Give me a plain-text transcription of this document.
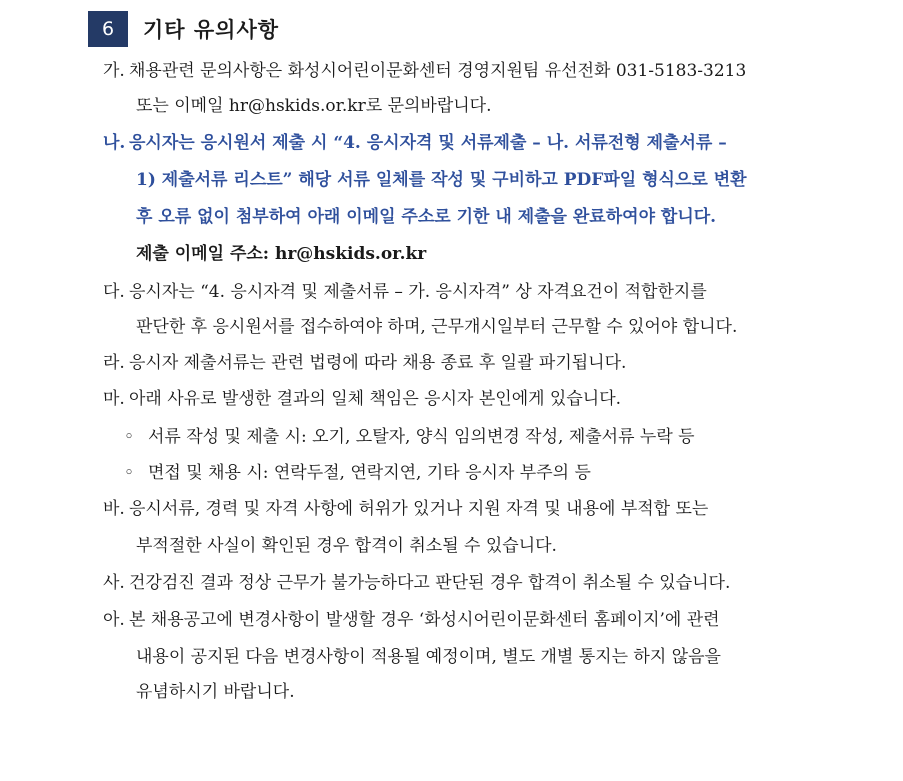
6	기타 유의사항
가. 채용관련 문의사항은 화성시어린이문화센터 경영지원팀 유선전화 031-5183-3213
또는 이메일 hr@hskids.or.kr로 문의바랍니다.
나. 응시자는 응시원서 제출 시 “4. 응시자격 및 서류제출 – 나. 서류전형 제출서류 –
1) 제출서류 리스트” 해당 서류 일체를 작성 및 구비하고 PDF파일 형식으로 변환
후 오류 없이 첨부하여 아래 이메일 주소로 기한 내 제출을 완료하여야 합니다.
제출 이메일 주소: hr@hskids.or.kr
다. 응시자는 “4. 응시자격 및 제출서류 – 가. 응시자격” 상 자격요건이 적합한지를
판단한 후 응시원서를 접수하여야 하며, 근무개시일부터 근무할 수 있어야 합니다.
라. 응시자 제출서류는 관련 법령에 따라 채용 종료 후 일괄 파기됩니다.
마. 아래 사유로 발생한 결과의 일체 책임은 응시자 본인에게 있습니다.
◦ 서류 작성 및 제출 시: 오기, 오탈자, 양식 임의변경 작성, 제출서류 누락 등
◦ 면접 및 채용 시: 연락두절, 연락지연, 기타 응시자 부주의 등
바. 응시서류, 경력 및 자격 사항에 허위가 있거나 지원 자격 및 내용에 부적합 또는
부적절한 사실이 확인된 경우 합격이 취소될 수 있습니다.
사. 건강검진 결과 정상 근무가 불가능하다고 판단된 경우 합격이 취소될 수 있습니다.
아. 본 채용공고에 변경사항이 발생할 경우 ‘화성시어린이문화센터 홈페이지’에 관련
내용이 공지된 다음 변경사항이 적용될 예정이며, 별도 개별 통지는 하지 않음을
유념하시기 바랍니다.
